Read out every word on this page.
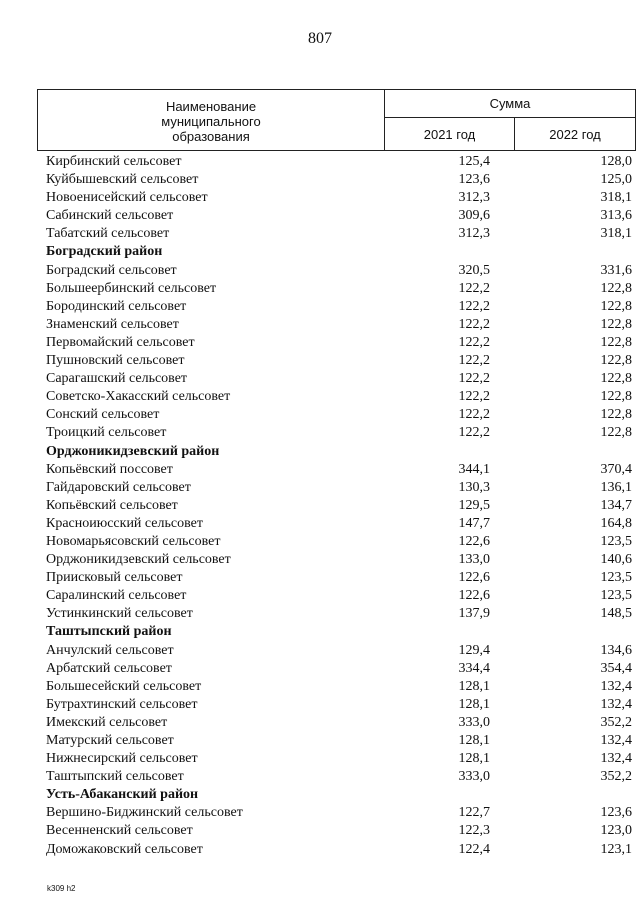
807
Наименование
муниципального
образования
Сумма
2021 год	2022 год
Кирбинский сельсовет	125,4	128,0
Куйбышевский сельсовет	123,6	125,0
Новоенисейский сельсовет	312,3	318,1
Сабинский сельсовет	309,6	313,6
Табатский сельсовет	312,3	318,1
Боградский район
Боградский сельсовет	320,5	331,6
Большеербинский сельсовет	122,2	122,8
Бородинский сельсовет	122,2	122,8
Знаменский сельсовет	122,2	122,8
Первомайский сельсовет	122,2	122,8
Пушновский сельсовет	122,2	122,8
Сарагашский сельсовет	122,2	122,8
Советско-Хакасский сельсовет	122,2	122,8
Сонский сельсовет	122,2	122,8
Троицкий сельсовет	122,2	122,8
Орджоникидзевский район
Копьёвский поссовет	344,1	370,4
Гайдаровский сельсовет	130,3	136,1
Копьёвский сельсовет	129,5	134,7
Красноиюсский сельсовет	147,7	164,8
Новомарьясовский сельсовет	122,6	123,5
Орджоникидзевский сельсовет	133,0	140,6
Приисковый сельсовет	122,6	123,5
Саралинский сельсовет	122,6	123,5
Устинкинский сельсовет	137,9	148,5
Таштыпский район
Анчулский сельсовет	129,4	134,6
Арбатский сельсовет	334,4	354,4
Большесейский сельсовет	128,1	132,4
Бутрахтинский сельсовет	128,1	132,4
Имекский сельсовет	333,0	352,2
Матурский сельсовет	128,1	132,4
Нижнесирский сельсовет	128,1	132,4
Таштыпский сельсовет	333,0	352,2
Усть-Абаканский район
Вершино-Биджинский сельсовет	122,7	123,6
Весенненский сельсовет	122,3	123,0
Доможаковский сельсовет	122,4	123,1
k309 h2
